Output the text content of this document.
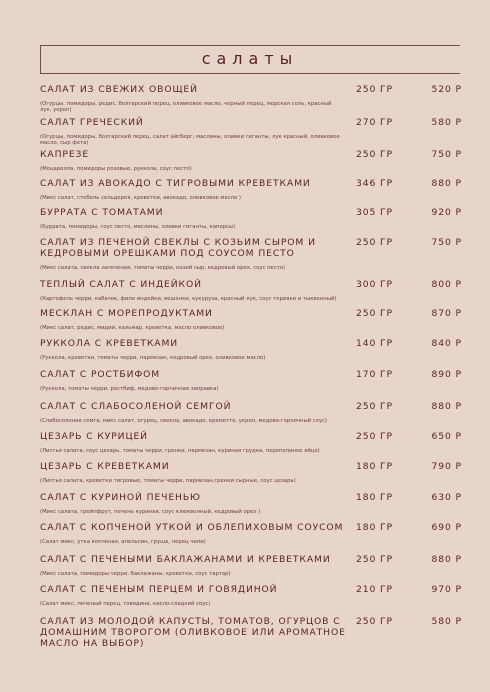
салаты
САЛАТ ИЗ СВЕЖИХ ОВОЩЕЙ	250 ГР	520 Р
(Огурцы, помидоры, редис, болгарский перец, оливковое масло, черный перец, морская соль, красный лук, укроп)
САЛАТ ГРЕЧЕСКИЙ	270 ГР	580 Р
(Огурцы, помидоры, болгарский перец, салат айсберг, маслины, оливки гиганты, лук красный, оливковое масло, сыр фета)
КАПРЕЗЕ	250 ГР	750 Р
(Моцарелла, помидоры розовые, руккола, соус песто)
САЛАТ ИЗ АВОКАДО С ТИГРОВЫМИ КРЕВЕТКАМИ	346 ГР	880 Р
(Микс салат, стебель сельдерея, креветки, авокадо, оливковое масло )
БУРРАТА С ТОМАТАМИ	305 ГР	920 Р
(Буррата, помидоры, соус песто, маслины, оливки гиганты, каперсы)
САЛАТ ИЗ ПЕЧЕНОЙ СВЕКЛЫ С КОЗЬИМ СЫРОМ И КЕДРОВЫМИ ОРЕШКАМИ ПОД СОУСОМ ПЕСТО
250 ГР	750 Р
(Микс салата, свекла запеченая, томаты черри, козий сыр, кедровый орех, соус песто)
ТЕПЛЫЙ САЛАТ С ИНДЕЙКОЙ	300 ГР	800 Р
(Картофель черри, кабачок, филе индейки, вешенки, кукуруза, красный лук, соус терияки и тыквенный)
МЕСКЛАН С МОРЕПРОДУКТАМИ	250 ГР	870 Р
(Микс салат, редис, мидии, кальмар, креветка, масло оливковое)
РУККОЛА С КРЕВЕТКАМИ	140 ГР	840 Р
(Руккола, креветки, томаты черри, пармезан, кедровый орех, оливковое масло)
САЛАТ С РОСТБИФОМ	170 ГР	890 Р
(Руккола, томаты черри, ростбиф, медово-горчичная заправка)
САЛАТ С СЛАБОСОЛЕНОЙ СЕМГОЙ	250 ГР	880 Р
(Слабосоленая семга, микс салат, огурец, свекла, авокадо, креметто, укроп, медово-горчичный соус)
ЦЕЗАРЬ С КУРИЦЕЙ	250 ГР	650 Р
(Листья салата, соус цезарь, томаты черри, гренки, пармезан, куриная грудка, перепелиное яйцо)
ЦЕЗАРЬ С КРЕВЕТКАМИ	180 ГР	790 Р
(Листья салата, креветки тигровые, томаты черри, пармезан,гренки сырные, соус цезарь)
САЛАТ С КУРИНОЙ ПЕЧЕНЬЮ	180 ГР	630 Р
(Микс салата, грейпфрут, печень куриная, соус клюквенный, кедровый орех )
САЛАТ С КОПЧЕНОЙ УТКОЙ И ОБЛЕПИХОВЫМ СОУСОМ	180 ГР	690 Р
(Салат микс, утка копченая, апельсин, груша, перец чили)
САЛАТ С ПЕЧЕНЫМИ БАКЛАЖАНАМИ И КРЕВЕТКАМИ	250 ГР	880 Р
(Микс салата, помидоры черри, баклажаны, креветки, соус тартар)
САЛАТ С ПЕЧЕНЫМ ПЕРЦЕМ И ГОВЯДИНОЙ	210 ГР	970 Р
(Салат микс, печеный перец, говядина, кисло-сладкий соус)
САЛАТ ИЗ МОЛОДОЙ КАПУСТЫ, ТОМАТОВ, ОГУРЦОВ С ДОМАШНИМ ТВОРОГОМ (ОЛИВКОВОЕ ИЛИ АРОМАТНОЕ МАСЛО НА ВЫБОР)
250 ГР	580 Р
